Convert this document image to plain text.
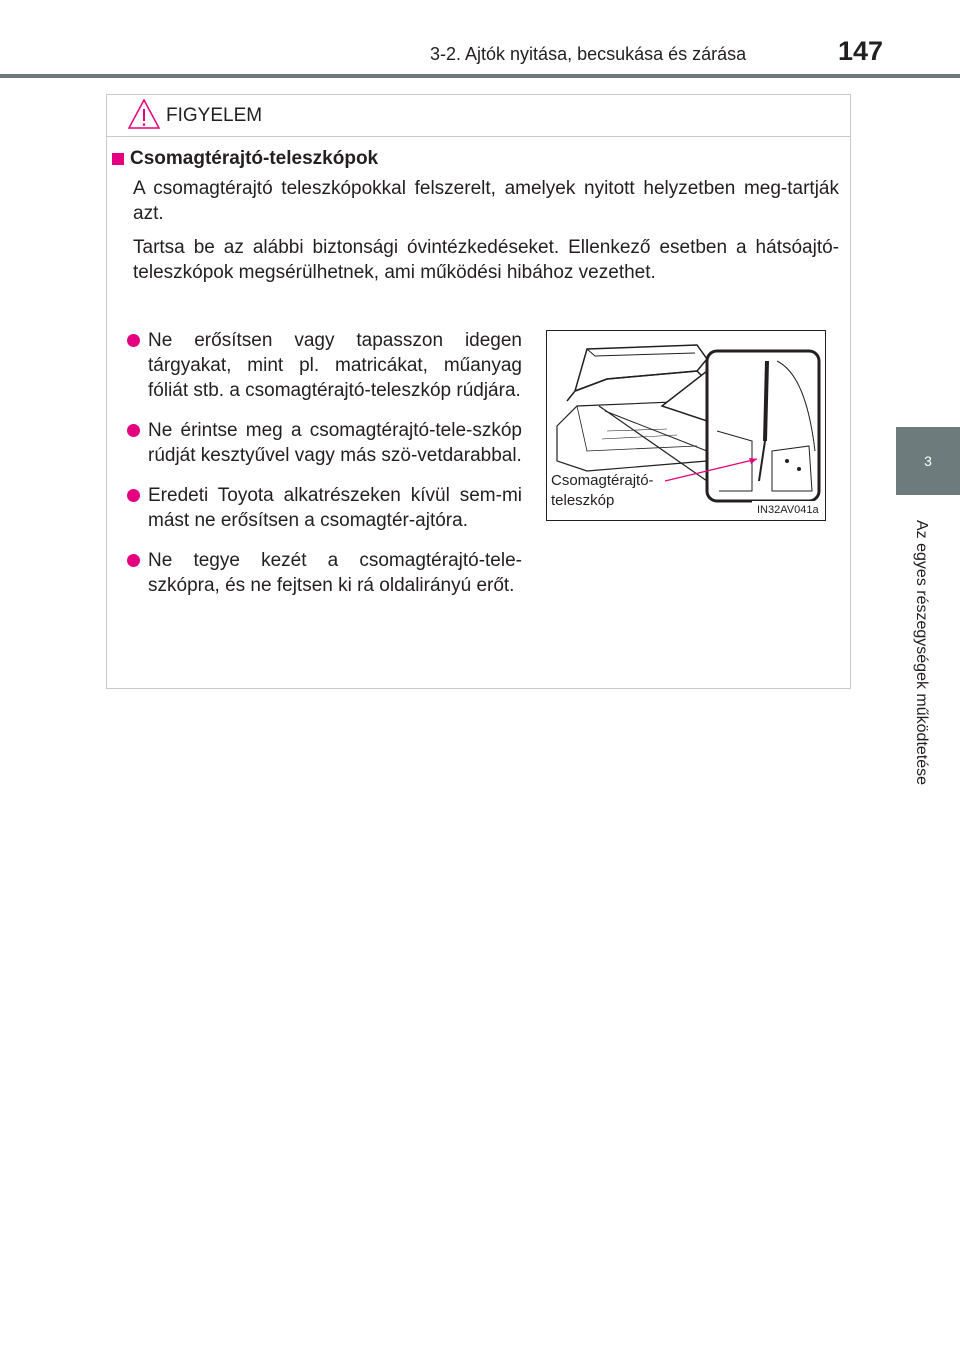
3-2. Ajtók nyitása, becsukása és zárása	147
3
Az egyes részegységek működtetése
FIGYELEM
Csomagtérajtó-teleszkópok

A csomagtérajtó teleszkópokkal felszerelt, amelyek nyitott helyzetben meg-tartják azt.

Tartsa be az alábbi biztonsági óvintézkedéseket. Ellenkező esetben a hátsóajtó-teleszkópok megsérülhetnek, ami működési hibához vezethet.

Ne erősítsen vagy tapasszon idegen tárgyakat, mint pl. matricákat, műanyag fóliát stb. a csomagtérajtó-teleszkóp rúdjára.
Ne érintse meg a csomagtérajtó-tele-szkóp rúdját kesztyűvel vagy más szö-vetdarabbal.
Eredeti Toyota alkatrészeken kívül sem-mi mást ne erősítsen a csomagtér-ajtóra.
Ne tegye kezét a csomagtérajtó-tele-szkópra, és ne fejtsen ki rá oldalirányú erőt.
Csomagtérajtó-
teleszkóp
IN32AV041a
